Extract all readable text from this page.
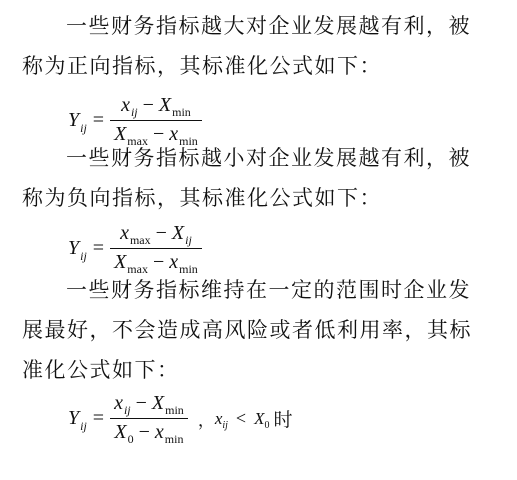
一些财务指标越大对企业发展越有利，被称为正向指标，其标准化公式如下：

$Y_{ij} = \frac{x_{ij} - X_{min}}{X_{max} - x_{min}}$

一些财务指标越小对企业发展越有利，被称为负向指标，其标准化公式如下：

$Y_{ij} = \frac{x_{max} - X_{ij}}{X_{max} - x_{min}}$

一些财务指标维持在一定的范围时企业发展最好，不会造成高风险或者低利用率，其标准化公式如下：

$Y_{ij} = \frac{x_{ij} - X_{min}}{X_0 - x_{min}}$ ， $x_{ij} < X_0$ 时
